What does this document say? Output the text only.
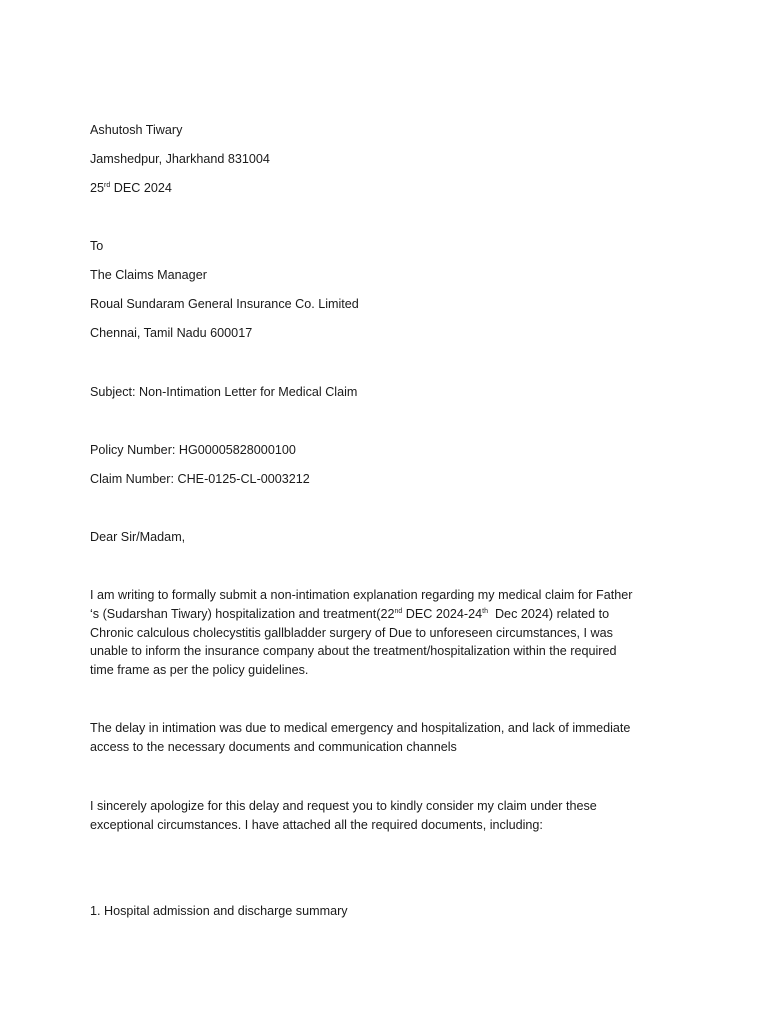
Ashutosh Tiwary

Jamshedpur, Jharkhand 831004

25rd DEC 2024

To

The Claims Manager

Roual Sundaram General Insurance Co. Limited

Chennai, Tamil Nadu 600017

Subject: Non-Intimation Letter for Medical Claim

Policy Number: HG00005828000100

Claim Number: CHE-0125-CL-0003212

Dear Sir/Madam,

I am writing to formally submit a non-intimation explanation regarding my medical claim for Father
‘s (Sudarshan Tiwary) hospitalization and treatment(22nd DEC 2024-24th  Dec 2024) related to
Chronic calculous cholecystitis gallbladder surgery of Due to unforeseen circumstances, I was
unable to inform the insurance company about the treatment/hospitalization within the required
time frame as per the policy guidelines.
The delay in intimation was due to medical emergency and hospitalization, and lack of immediate
access to the necessary documents and communication channels
I sincerely apologize for this delay and request you to kindly consider my claim under these
exceptional circumstances. I have attached all the required documents, including:

1. Hospital admission and discharge summary
